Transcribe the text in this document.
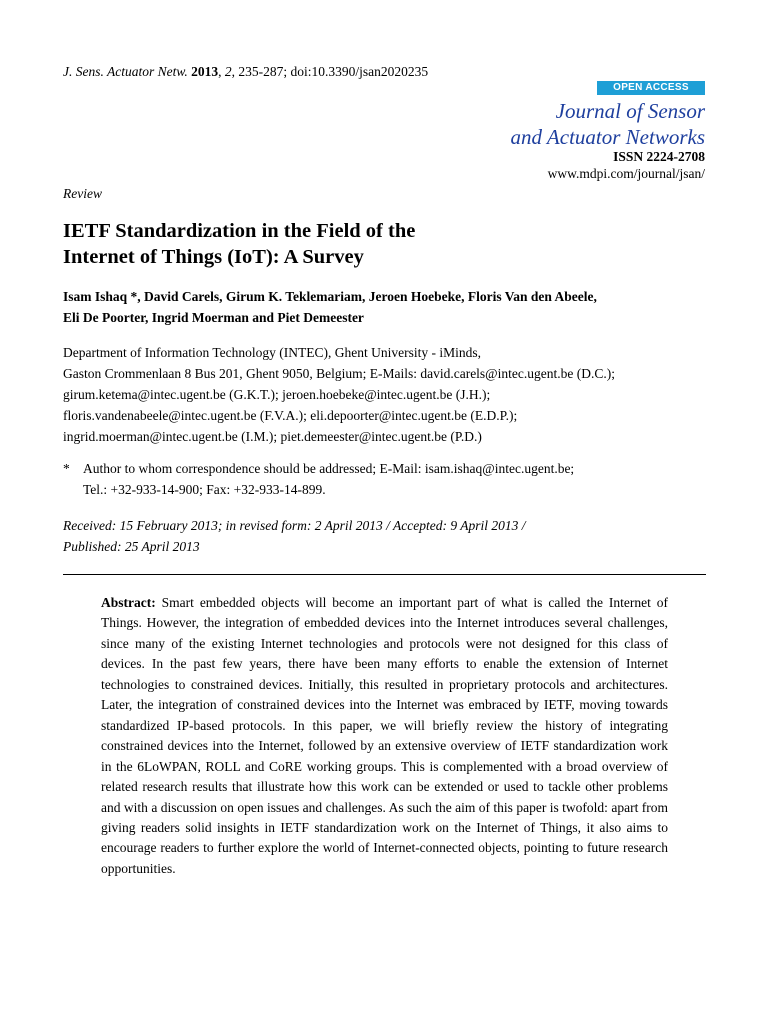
J. Sens. Actuator Netw. 2013, 2, 235-287; doi:10.3390/jsan2020235
OPEN ACCESS
Journal of Sensor
and Actuator Networks
ISSN 2224-2708
www.mdpi.com/journal/jsan/
Review
IETF Standardization in the Field of the
Internet of Things (IoT): A Survey
Isam Ishaq *, David Carels, Girum K. Teklemariam, Jeroen Hoebeke, Floris Van den Abeele,
Eli De Poorter, Ingrid Moerman and Piet Demeester
Department of Information Technology (INTEC), Ghent University - iMinds,
Gaston Crommenlaan 8 Bus 201, Ghent 9050, Belgium; E-Mails: david.carels@intec.ugent.be (D.C.);
girum.ketema@intec.ugent.be (G.K.T.); jeroen.hoebeke@intec.ugent.be (J.H.);
floris.vandenabeele@intec.ugent.be (F.V.A.); eli.depoorter@intec.ugent.be (E.D.P.);
ingrid.moerman@intec.ugent.be (I.M.); piet.demeester@intec.ugent.be (P.D.)
* Author to whom correspondence should be addressed; E-Mail: isam.ishaq@intec.ugent.be;
Tel.: +32-933-14-900; Fax: +32-933-14-899.
Received: 15 February 2013; in revised form: 2 April 2013 / Accepted: 9 April 2013 /
Published: 25 April 2013
Abstract: Smart embedded objects will become an important part of what is called the Internet of Things. However, the integration of embedded devices into the Internet introduces several challenges, since many of the existing Internet technologies and protocols were not designed for this class of devices. In the past few years, there have been many efforts to enable the extension of Internet technologies to constrained devices. Initially, this resulted in proprietary protocols and architectures. Later, the integration of constrained devices into the Internet was embraced by IETF, moving towards standardized IP-based protocols. In this paper, we will briefly review the history of integrating constrained devices into the Internet, followed by an extensive overview of IETF standardization work in the 6LoWPAN, ROLL and CoRE working groups. This is complemented with a broad overview of related research results that illustrate how this work can be extended or used to tackle other problems and with a discussion on open issues and challenges. As such the aim of this paper is twofold: apart from giving readers solid insights in IETF standardization work on the Internet of Things, it also aims to encourage readers to further explore the world of Internet-connected objects, pointing to future research opportunities.
